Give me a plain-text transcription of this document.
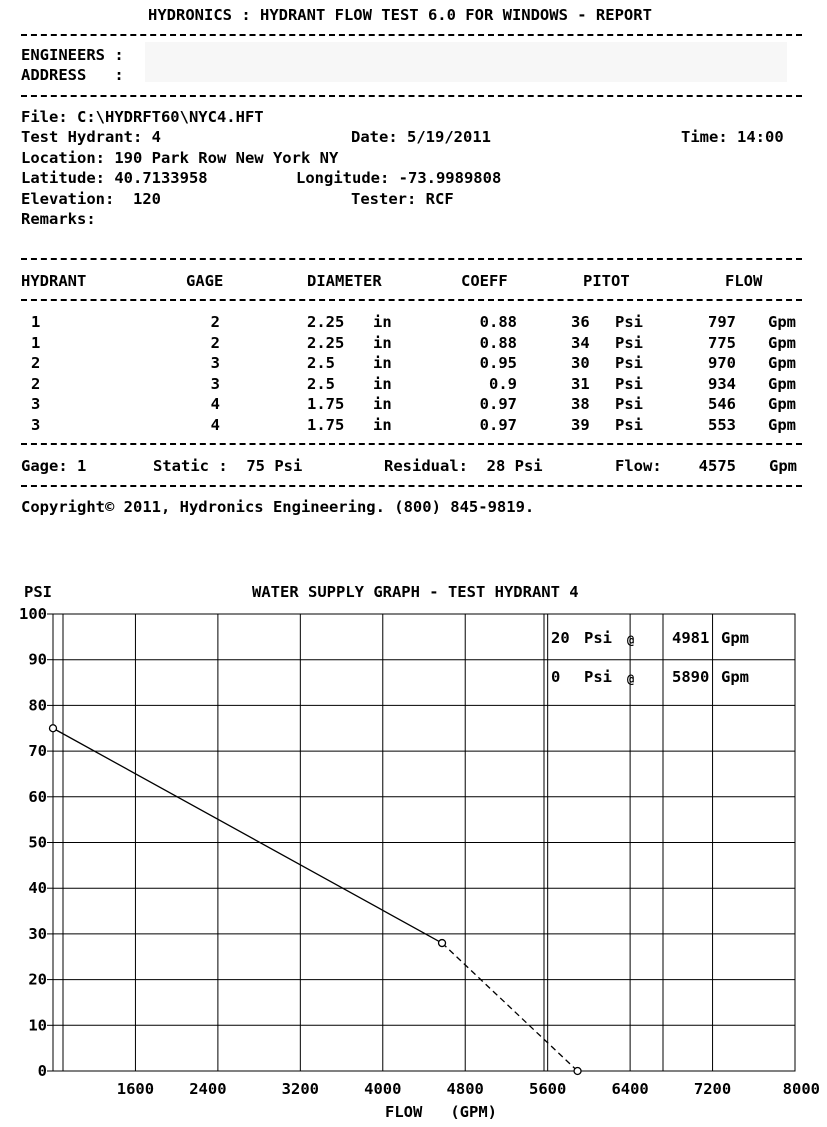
HYDRONICS : HYDRANT FLOW TEST 6.0 FOR WINDOWS - REPORT
ENGINEERS :
ADDRESS   :
File: C:\HYDRFT60\NYC4.HFT
Test Hydrant: 4	Date: 5/19/2011	Time: 14:00
Location: 190 Park Row New York NY
Latitude: 40.7133958	Longitude: -73.9989808
Elevation:  120	Tester: RCF
Remarks:
HYDRANT	GAGE	DIAMETER	COEFF	PITOT	FLOW
1	2	2.25	in	0.88	36 Psi	797 Gpm
1	2	2.25	in	0.88	34 Psi	775 Gpm
2	3	2.5	in	0.95	30 Psi	970 Gpm
2	3	2.5	in	0.9	31 Psi	934 Gpm
3	4	1.75	in	0.97	38 Psi	546 Gpm
3	4	1.75	in	0.97	39 Psi	553 Gpm
Gage: 1	Static :  75 Psi	Residual:  28 Psi	Flow:	4575 Gpm
Copyright© 2011, Hydronics Engineering. (800) 845-9819.
PSI	WATER SUPPLY GRAPH - TEST HYDRANT 4
FLOW   (GPM)
0
10
20
30
40
50
60
70
80
90
100
1600 2400	3200	4000	4800	5600	6400	7200	8000
20 Psi @ 4981 Gpm
0 Psi @ 5890 Gpm
